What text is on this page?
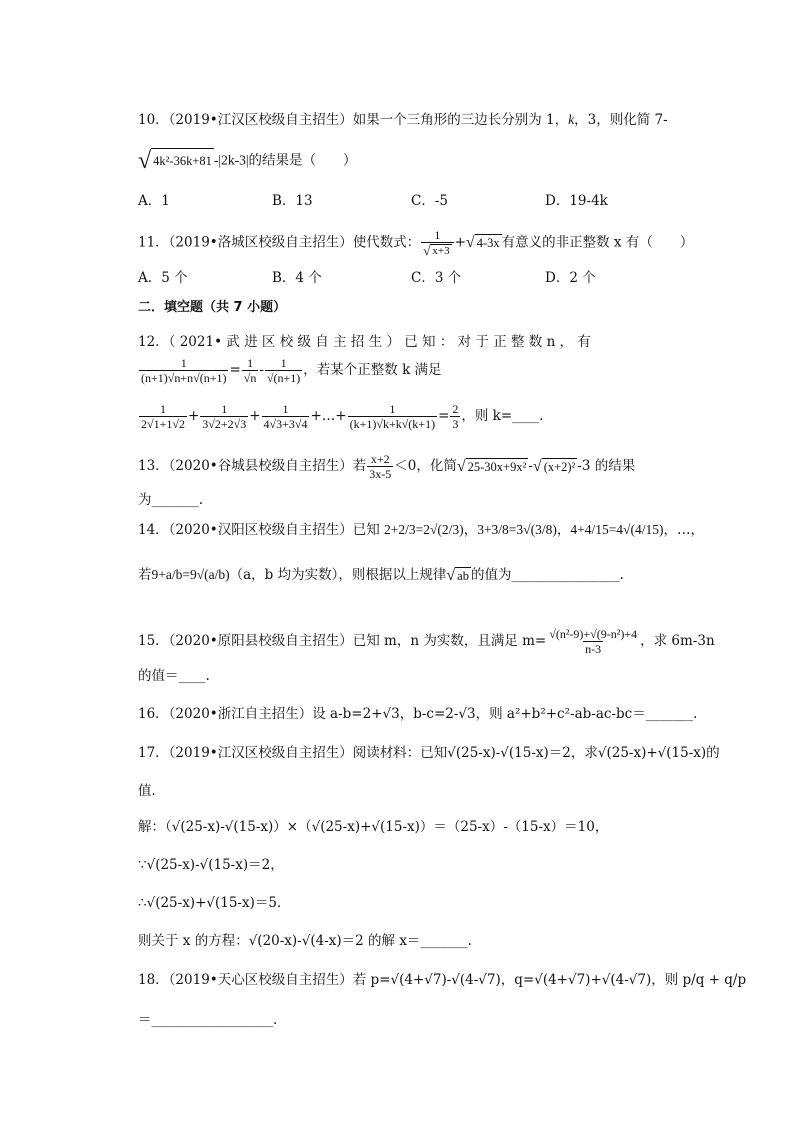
10．（2019•江汉区校级自主招生）如果一个三角形的三边长分别为 1，k，3，则化简 7-
√ 4k²-36k+81 -|2k-3|的结果是（　　）
A．1	B．13	C．-5	D．19-4k
11．（2019•洛城区校级自主招生）使代数式： $\frac{1}{√ x+3}$ + √ 4-3x 有意义的非正整数 x 有（　　）
A．5 个	B．4 个	C．3 个	D．2 个
二．填空题（共 7 小题）
12．（ 2021• 武 进 区 校 级 自 主 招 生 ） 已 知 ： 对 于 正 整 数 n ， 有
$\frac{1}{(n+1)√n+n√(n+1)} = \frac{1}{√n} - \frac{1}{√(n+1)}$ ，若某个正整数 k 满足
$\frac{1}{2√1+1√2} + \frac{1}{3√2+2√3} + \frac{1}{4√3+3√4}$ +…+ $\frac{1}{(k+1)√k+k√(k+1)} = \frac{2}{3}$ ，则 k=____.
13．（2020•谷城县校级自主招生）若 $\frac{x+2}{3x-5} <0$，化简 √ 25-30x+9x² - √ (x+2)² -3 的结果
为_______.
14．（2020•汉阳区校级自主招生）已知 2+2/3=2√(2/3)，3+3/8=3√(3/8)，4+4/15=4√(4/15)，…，
若9+a/b=9√(a/b)（a，b 均为实数），则根据以上规律 √ ab 的值为________________.
15．（2020•原阳县校级自主招生）已知 m，n 为实数，且满足 $m= \frac{\text{√(n²-9)+√(9-n²)+4}}{n-3}$ ，求 6m-3n
的值＝____.
16．（2020•浙江自主招生）设 a-b=2+√3，b-c=2-√3，则 a²+b²+c²-ab-ac-bc＝_______.
17．（2019•江汉区校级自主招生）阅读材料：已知√(25-x)-√(15-x)＝2，求√(25-x)+√(15-x)的
值．
解：（√(25-x)-√(15-x)）×（√(25-x)+√(15-x)）＝（25-x）-（15-x）＝10，
∵√(25-x)-√(15-x)＝2，
∴√(25-x)+√(15-x)＝5．
则关于 x 的方程：√(20-x)-√(4-x)＝2 的解 x＝_______.
18．（2019•天心区校级自主招生）若 p=√(4+√7)-√(4-√7)，q=√(4+√7)+√(4-√7)，则 p/q + q/p
＝__________________.
